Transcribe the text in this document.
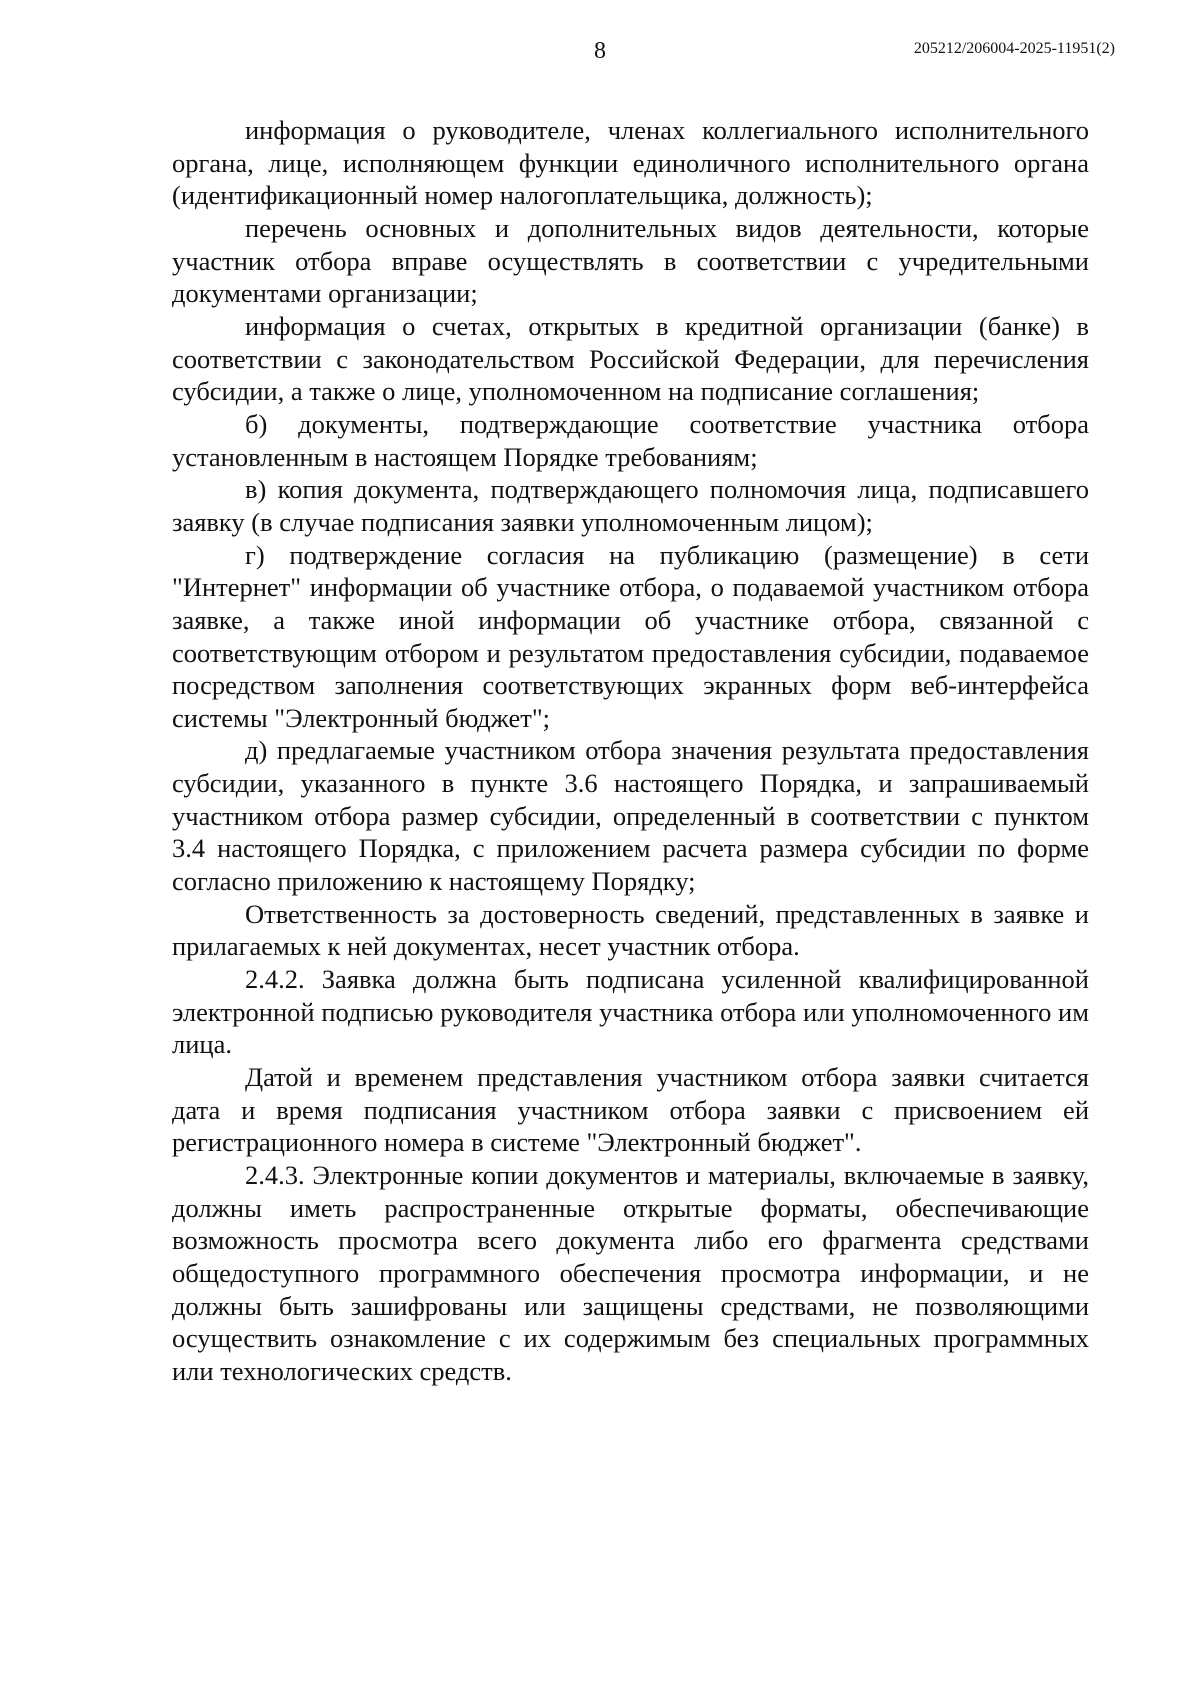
8	205212/206004-2025-11951(2)

информация о руководителе, членах коллегиального исполнительного органа, лице, исполняющем функции единоличного исполнительного органа (идентификационный номер налогоплательщика, должность);

перечень основных и дополнительных видов деятельности, которые участник отбора вправе осуществлять в соответствии с учредительными документами организации;

информация о счетах, открытых в кредитной организации (банке) в соответствии с законодательством Российской Федерации, для перечисления субсидии, а также о лице, уполномоченном на подписание соглашения;

б) документы, подтверждающие соответствие участника отбора установленным в настоящем Порядке требованиям;

в) копия документа, подтверждающего полномочия лица, подписавшего заявку (в случае подписания заявки уполномоченным лицом);

г) подтверждение согласия на публикацию (размещение) в сети "Интернет" информации об участнике отбора, о подаваемой участником отбора заявке, а также иной информации об участнике отбора, связанной с соответствующим отбором и результатом предоставления субсидии, подаваемое посредством заполнения соответствующих экранных форм веб-интерфейса системы "Электронный бюджет";

д) предлагаемые участником отбора значения результата предоставления субсидии, указанного в пункте 3.6 настоящего Порядка, и запрашиваемый участником отбора размер субсидии, определенный в соответствии с пунктом 3.4 настоящего Порядка, с приложением расчета размера субсидии по форме согласно приложению к настоящему Порядку;

Ответственность за достоверность сведений, представленных в заявке и прилагаемых к ней документах, несет участник отбора.

2.4.2. Заявка должна быть подписана усиленной квалифицированной электронной подписью руководителя участника отбора или уполномоченного им лица.

Датой и временем представления участником отбора заявки считается дата и время подписания участником отбора заявки с присвоением ей регистрационного номера в системе "Электронный бюджет".

2.4.3. Электронные копии документов и материалы, включаемые в заявку, должны иметь распространенные открытые форматы, обеспечивающие возможность просмотра всего документа либо его фрагмента средствами общедоступного программного обеспечения просмотра информации, и не должны быть зашифрованы или защищены средствами, не позволяющими осуществить ознакомление с их содержимым без специальных программных или технологических средств.
